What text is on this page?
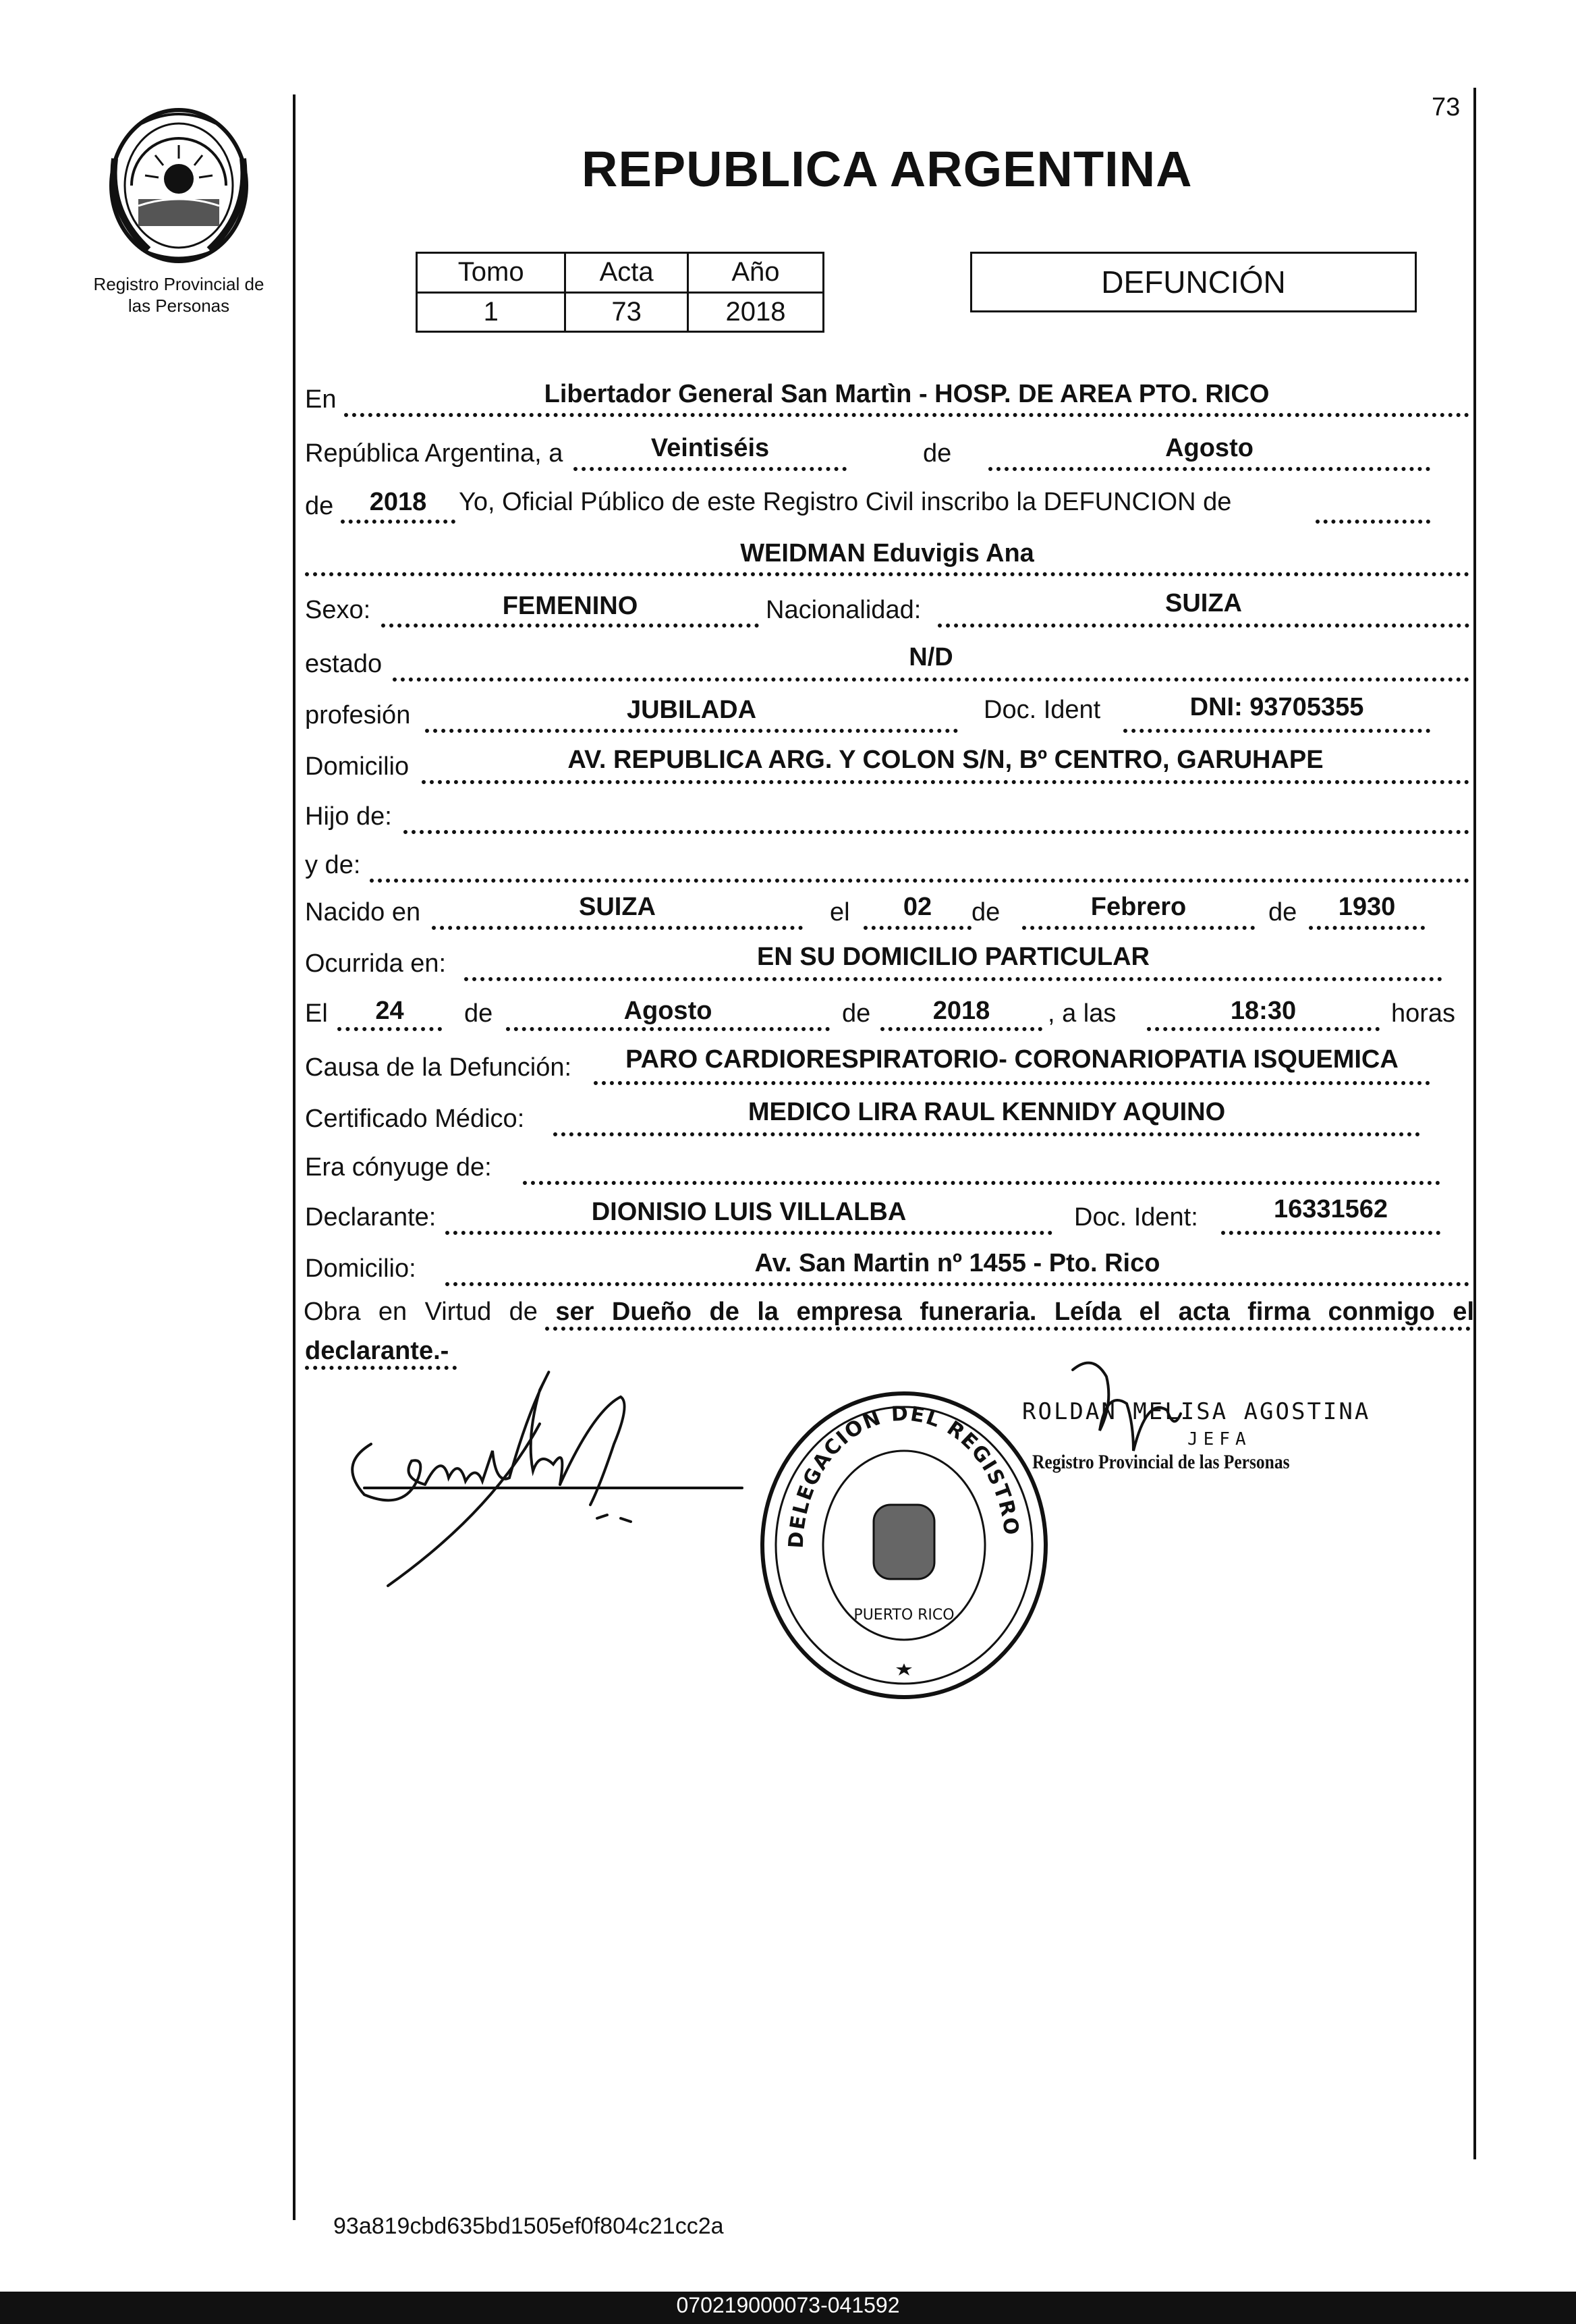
Registro Provincial de
las Personas
73
REPUBLICA ARGENTINA
Tomo	Acta	Año
1	73	2018
DEFUNCIÓN
En	Libertador General San Martìn - HOSP. DE AREA PTO. RICO
República Argentina, a	Veintiséis	de	Agosto
de	2018	Yo, Oficial Público de este Registro Civil inscribo la DEFUNCION de
WEIDMAN Eduvigis Ana
Sexo:	FEMENINO	Nacionalidad:	SUIZA
estado	N/D
profesión	JUBILADA	Doc. Ident	DNI: 93705355
Domicilio	AV. REPUBLICA ARG. Y COLON S/N, Bº CENTRO, GARUHAPE
Hijo de:
y de:
Nacido en	SUIZA	el	02	de	Febrero	de	1930
Ocurrida en:	EN SU DOMICILIO PARTICULAR
El	24	de	Agosto	de	2018	, a las	18:30	horas
Causa de la Defunción:	PARO CARDIORESPIRATORIO- CORONARIOPATIA ISQUEMICA
Certificado Médico:	MEDICO LIRA RAUL KENNIDY AQUINO
Era cónyuge de:
Declarante:	DIONISIO LUIS VILLALBA	Doc. Ident:	16331562
Domicilio:	Av. San Martin nº 1455 - Pto. Rico
Obra en Virtud de ser Dueño de la empresa funeraria. Leída el acta firma conmigo el
declarante.-
DELEGACION DEL REGISTRO
PUERTO RICO
ROLDAN MELISA AGOSTINA
JEFA
Registro Provincial de las Personas
93a819cbd635bd1505ef0f804c21cc2a
070219000073-041592
